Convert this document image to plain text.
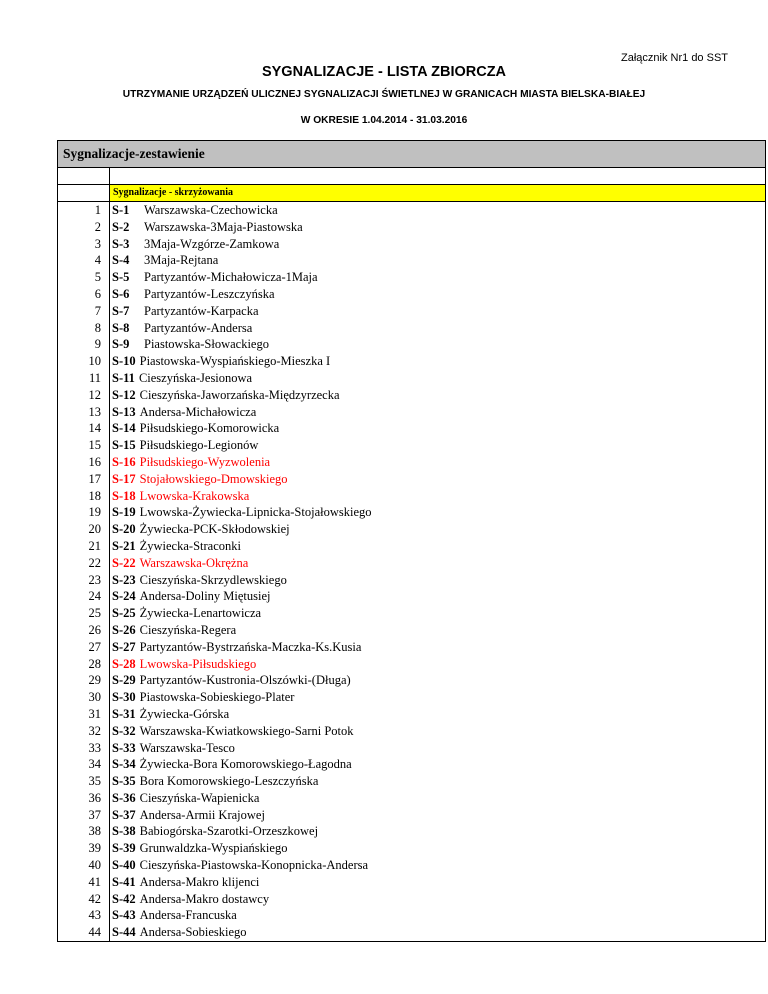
Załącznik Nr1 do SST
SYGNALIZACJE - LISTA ZBIORCZA
UTRZYMANIE URZĄDZEŃ ULICZNEJ SYGNALIZACJI ŚWIETLNEJ W GRANICACH MIASTA BIELSKA-BIAŁEJ
W OKRESIE 1.04.2014 - 31.03.2016
Sygnalizacje-zestawienie
Sygnalizacje - skrzyżowania
1
2
3
4
5
6
7
8
9
10
11
12
13
14
15
16
17
18
19
20
21
22
23
24
25
26
27
28
29
30
31
32
33
34
35
36
37
38
39
40
41
42
43
44
S-1 Warszawska-Czechowicka
S-2 Warszawska-3Maja-Piastowska
S-3 3Maja-Wzgórze-Zamkowa
S-4 3Maja-Rejtana
S-5 Partyzantów-Michałowicza-1Maja
S-6 Partyzantów-Leszczyńska
S-7 Partyzantów-Karpacka
S-8 Partyzantów-Andersa
S-9 Piastowska-Słowackiego
S-10 Piastowska-Wyspiańskiego-Mieszka I
S-11 Cieszyńska-Jesionowa
S-12 Cieszyńska-Jaworzańska-Międzyrzecka
S-13 Andersa-Michałowicza
S-14 Piłsudskiego-Komorowicka
S-15 Piłsudskiego-Legionów
S-16 Piłsudskiego-Wyzwolenia
S-17 Stojałowskiego-Dmowskiego
S-18 Lwowska-Krakowska
S-19 Lwowska-Żywiecka-Lipnicka-Stojałowskiego
S-20 Żywiecka-PCK-Skłodowskiej
S-21 Żywiecka-Straconki
S-22 Warszawska-Okrężna
S-23 Cieszyńska-Skrzydlewskiego
S-24 Andersa-Doliny Miętusiej
S-25 Żywiecka-Lenartowicza
S-26 Cieszyńska-Regera
S-27 Partyzantów-Bystrzańska-Maczka-Ks.Kusia
S-28 Lwowska-Piłsudskiego
S-29 Partyzantów-Kustronia-Olszówki-(Długa)
S-30 Piastowska-Sobieskiego-Plater
S-31 Żywiecka-Górska
S-32 Warszawska-Kwiatkowskiego-Sarni Potok
S-33 Warszawska-Tesco
S-34 Żywiecka-Bora Komorowskiego-Łagodna
S-35 Bora Komorowskiego-Leszczyńska
S-36 Cieszyńska-Wapienicka
S-37 Andersa-Armii Krajowej
S-38 Babiogórska-Szarotki-Orzeszkowej
S-39 Grunwaldzka-Wyspiańskiego
S-40 Cieszyńska-Piastowska-Konopnicka-Andersa
S-41 Andersa-Makro klijenci
S-42 Andersa-Makro dostawcy
S-43 Andersa-Francuska
S-44 Andersa-Sobieskiego
